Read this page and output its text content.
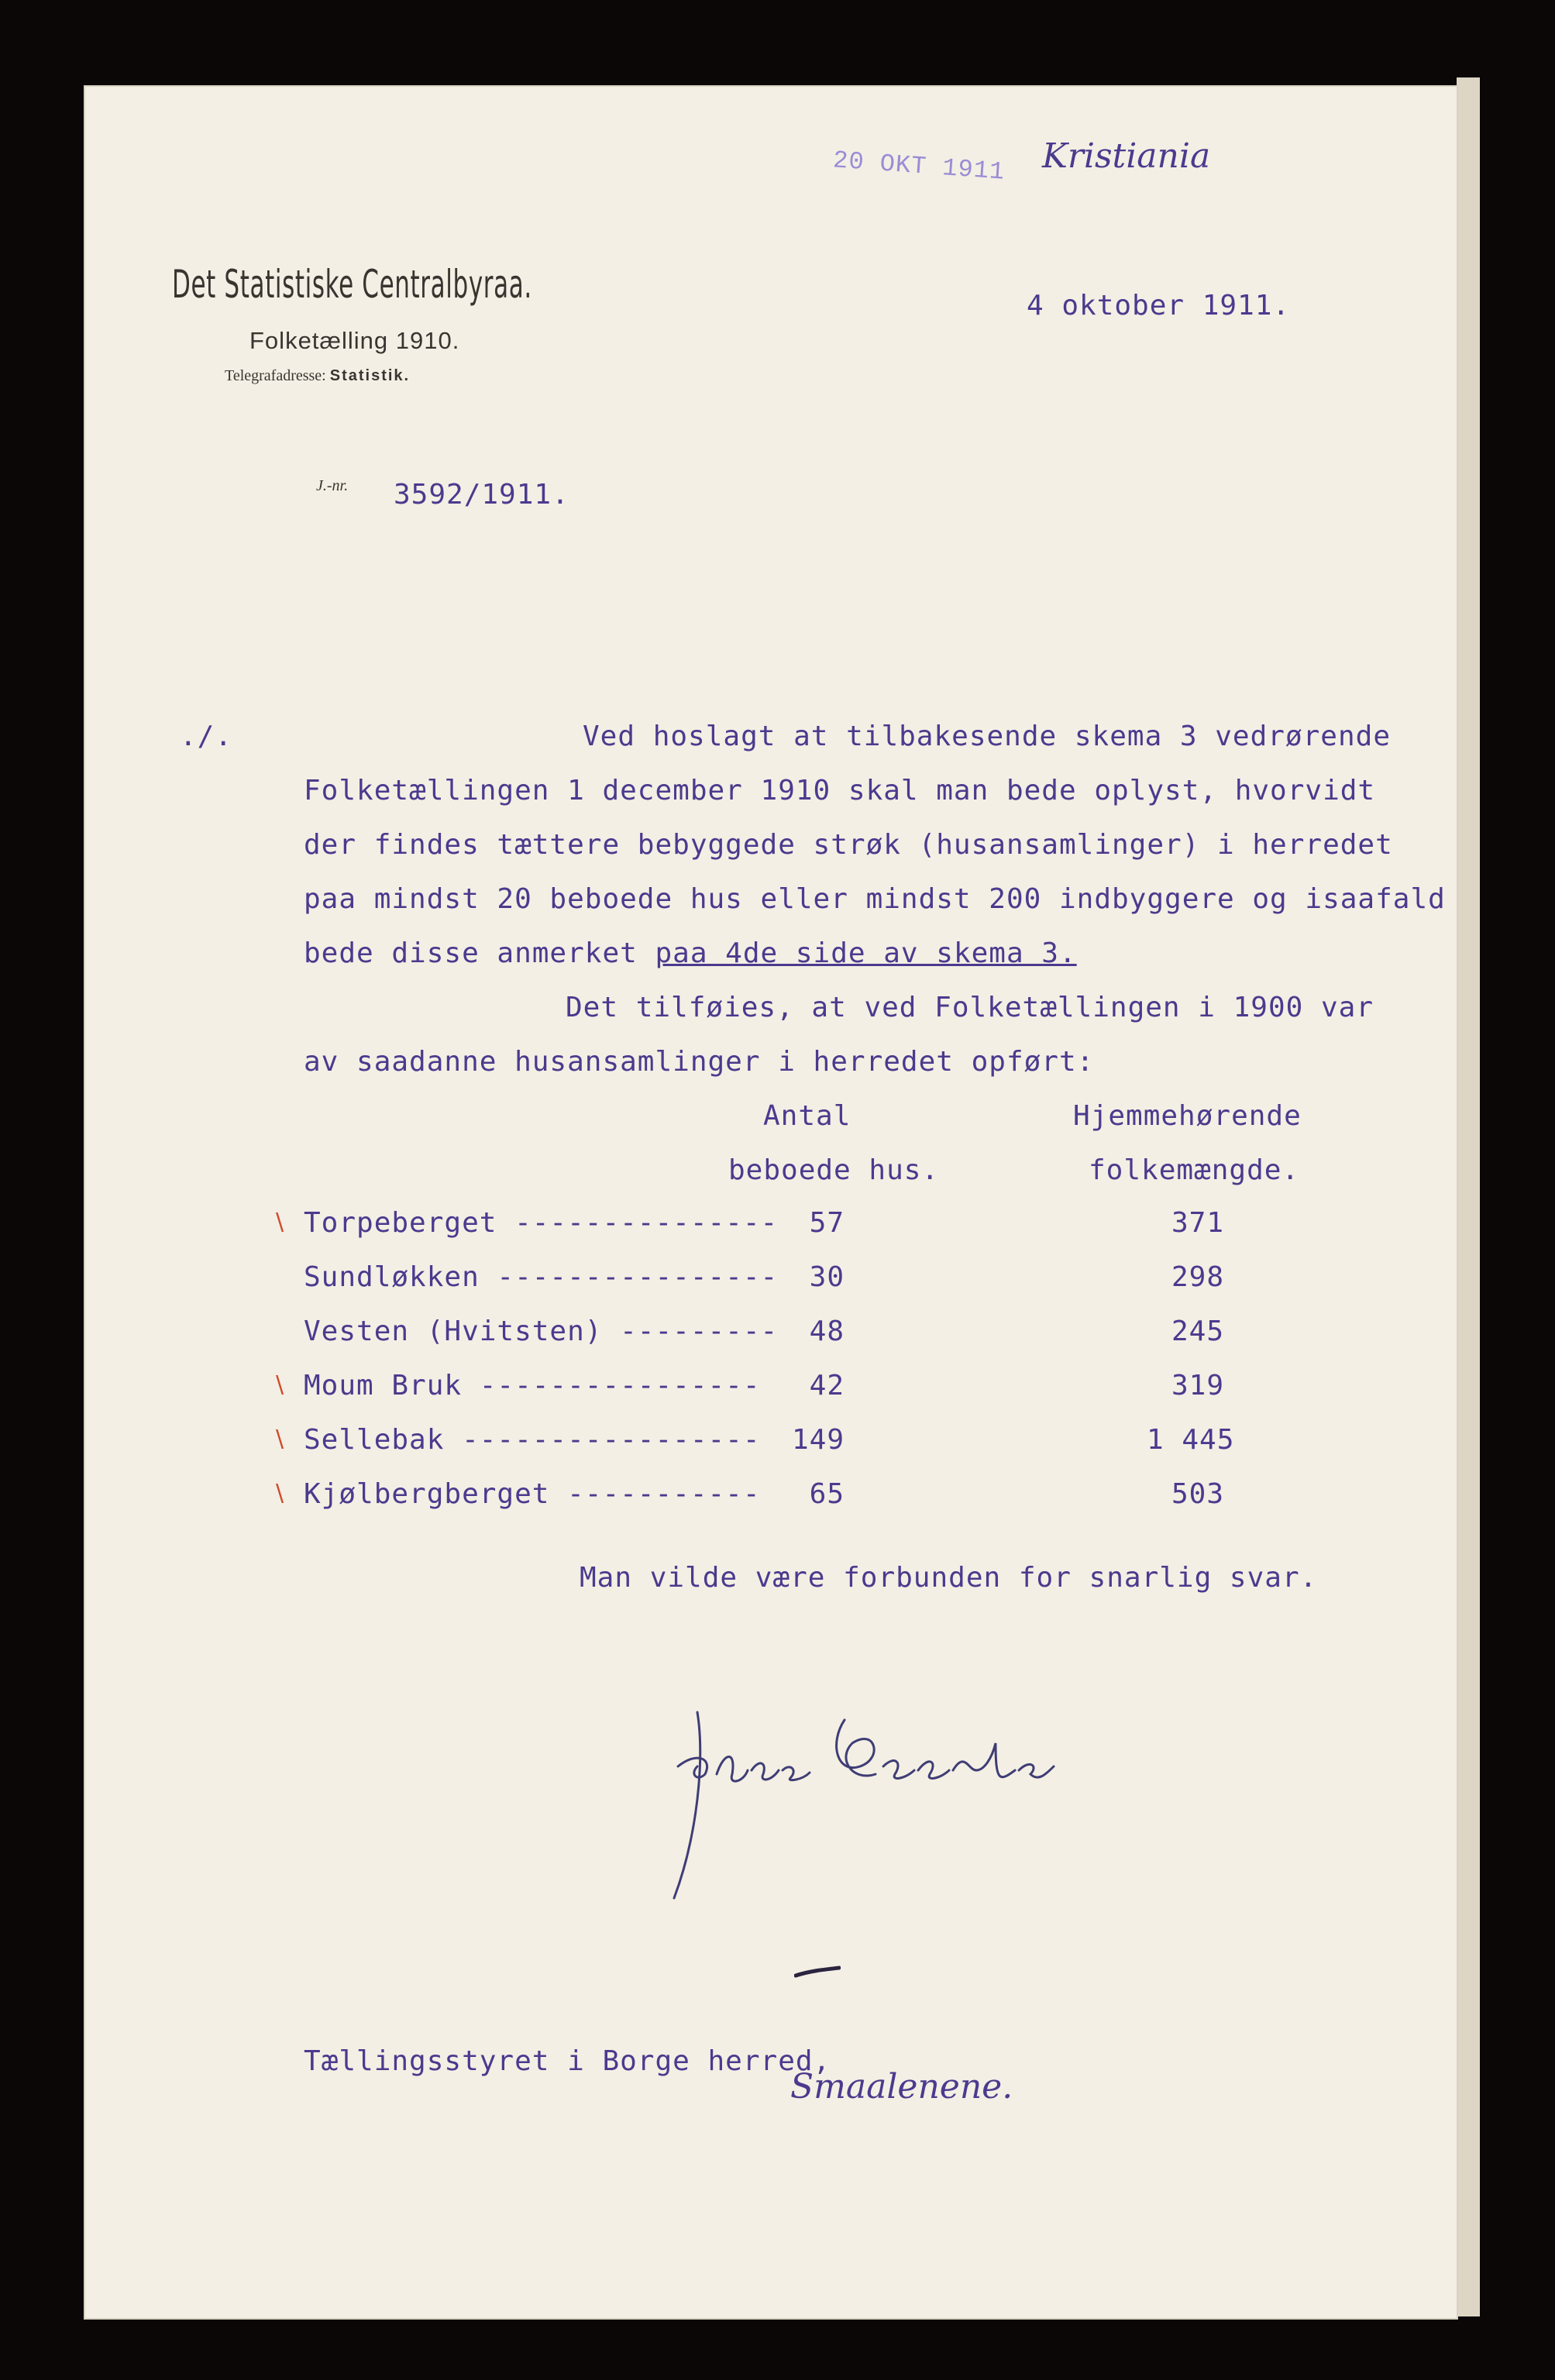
20 OKT 1911 Kristiania
Det Statistiske Centralbyraa.
Folketælling 1910.
Telegrafadresse: Statistik.
4 oktober 1911.
J.-nr. 3592/1911.
./.	Ved hoslagt at tilbakesende skema 3 vedrørende
Folketællingen 1 december 1910 skal man bede oplyst, hvorvidt
der findes tættere bebyggede strøk (husansamlinger) i herredet
paa mindst 20 beboede hus eller mindst 200 indbyggere og isaafald
bede disse anmerket paa 4de side av skema 3.
Det tilføies, at ved Folketællingen i 1900 var
av saadanne husansamlinger i herredet opført:
Antal
beboede hus.
Hjemmehørende
folkemængde.
\ Torpeberget ---------------	57	371
Sundløkken ----------------	30	298
Vesten (Hvitsten) ---------	48	245
\ Moum Bruk ----------------	42	319
\ Sellebak ----------------- 149	1 445
\ Kjølbergberget -----------	65	503
Man vilde være forbunden for snarlig svar.
Tællingsstyret i Borge herred,
Smaalenene.
